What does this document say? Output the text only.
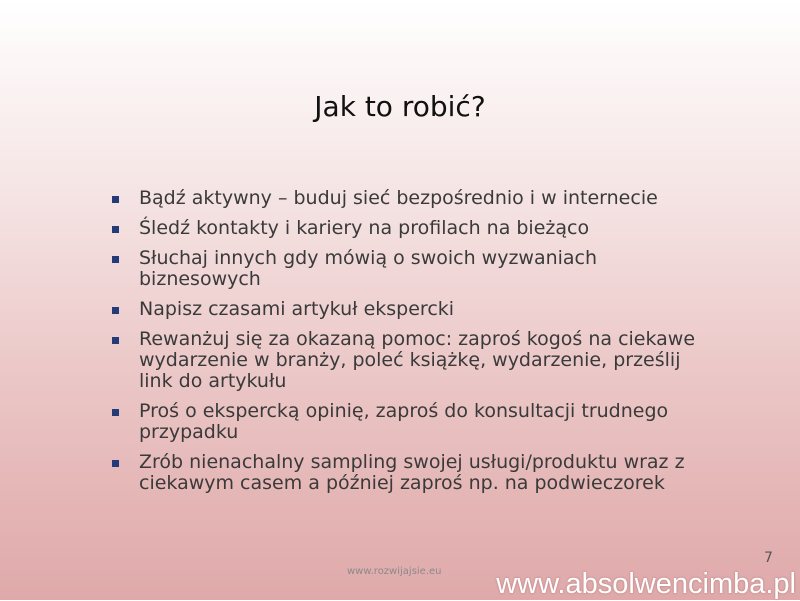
Jak to robić?
Bądź aktywny – buduj sieć bezpośrednio i w internecie
Śledź kontakty i kariery na profilach na bieżąco
Słuchaj innych gdy mówią o swoich wyzwaniach biznesowych
Napisz czasami artykuł ekspercki
Rewanżuj się za okazaną pomoc: zaproś kogoś na ciekawe wydarzenie w branży, poleć książkę, wydarzenie, prześlij link do artykułu
Proś o ekspercką opinię, zaproś do konsultacji trudnego przypadku
Zrób nienachalny sampling swojej usługi/produktu wraz z ciekawym casem a później zaproś np. na podwieczorek
7
www.rozwijajsie.eu www.absolwencimba.pl
